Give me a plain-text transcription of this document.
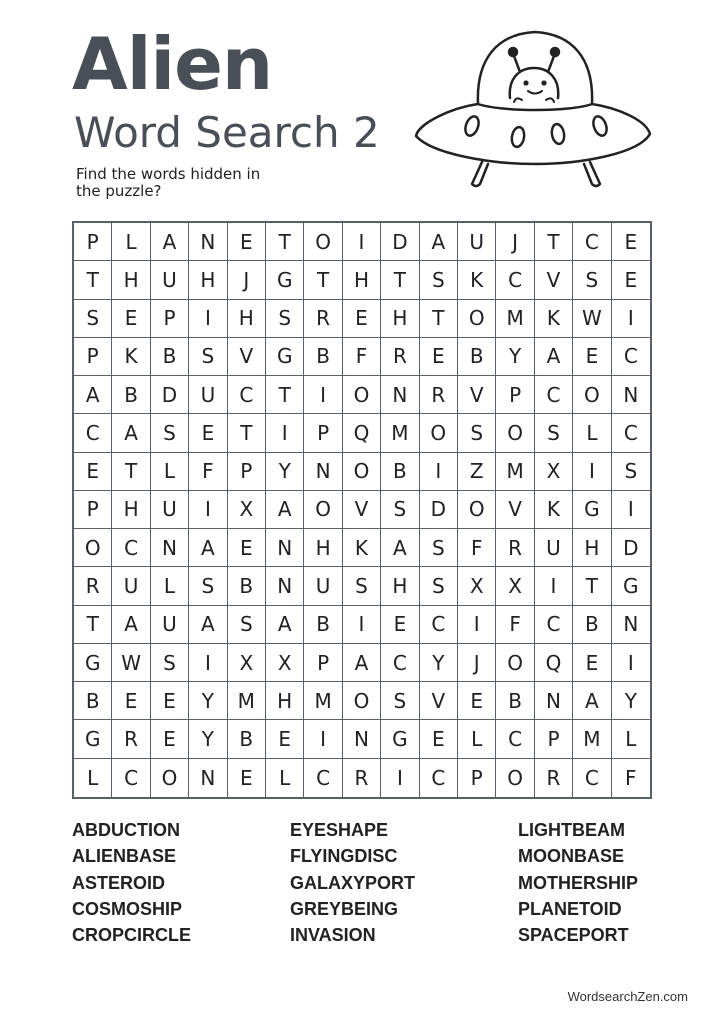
Alien
Word Search 2
Find the words hidden in the puzzle?
P	L	A	N	E	T	O	I	D	A	U	J	T	C	E
T	H	U	H	J	G	T	H	T	S	K	C	V	S	E
S	E	P	I	H	S	R	E	H	T	O	M	K	W	I
P	K	B	S	V	G	B	F	R	E	B	Y	A	E	C
A	B	D	U	C	T	I	O	N	R	V	P	C	O	N
C	A	S	E	T	I	P	Q	M	O	S	O	S	L	C
E	T	L	F	P	Y	N	O	B	I	Z	M	X	I	S
P	H	U	I	X	A	O	V	S	D	O	V	K	G	I
O	C	N	A	E	N	H	K	A	S	F	R	U	H	D
R	U	L	S	B	N	U	S	H	S	X	X	I	T	G
T	A	U	A	S	A	B	I	E	C	I	F	C	B	N
G	W	S	I	X	X	P	A	C	Y	J	O	Q	E	I
B	E	E	Y	M	H	M	O	S	V	E	B	N	A	Y
G	R	E	Y	B	E	I	N	G	E	L	C	P	M	L
L	C	O	N	E	L	C	R	I	C	P	O	R	C	F
ABDUCTION
ALIENBASE
ASTEROID
COSMOSHIP
CROPCIRCLE
EYESHAPE
FLYINGDISC
GALAXYPORT
GREYBEING
INVASION
LIGHTBEAM
MOONBASE
MOTHERSHIP
PLANETOID
SPACEPORT
WordsearchZen.com
